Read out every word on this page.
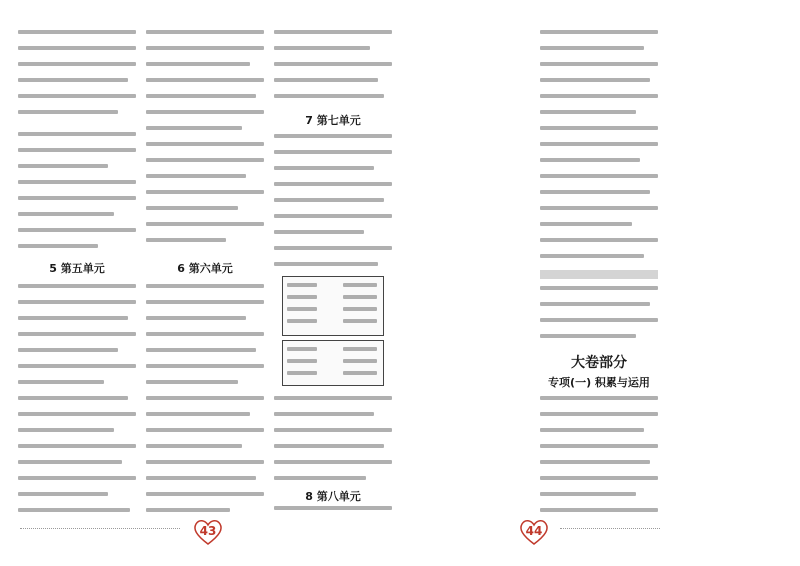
5 第五单元	6 第六单元
7 第七单元
8 第八单元
43
大卷部分
专项(一) 积累与运用
44
